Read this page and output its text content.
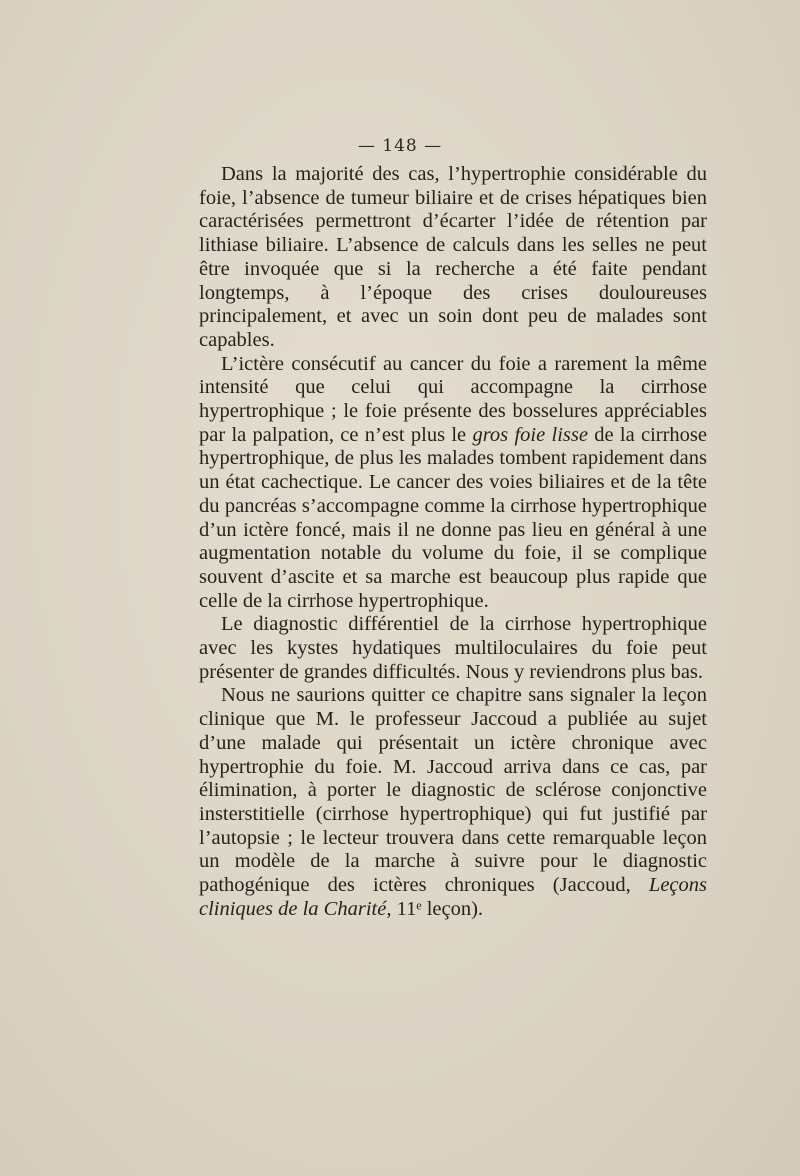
— 148 —

Dans la majorité des cas, l’hypertrophie considérable du foie, l’absence de tumeur biliaire et de crises hépatiques bien caractérisées permettront d’écarter l’idée de rétention par lithiase biliaire. L’absence de calculs dans les selles ne peut être invoquée que si la recherche a été faite pendant longtemps, à l’époque des crises douloureuses principalement, et avec un soin dont peu de malades sont capables.

L’ictère consécutif au cancer du foie a rarement la même intensité que celui qui accompagne la cirrhose hypertrophique ; le foie présente des bosselures appréciables par la palpation, ce n’est plus le gros foie lisse de la cirrhose hypertrophique, de plus les malades tombent rapidement dans un état cachectique. Le cancer des voies biliaires et de la tête du pancréas s’accompagne comme la cirrhose hypertrophique d’un ictère foncé, mais il ne donne pas lieu en général à une augmentation notable du volume du foie, il se complique souvent d’ascite et sa marche est beaucoup plus rapide que celle de la cirrhose hypertrophique.

Le diagnostic différentiel de la cirrhose hypertrophique avec les kystes hydatiques multiloculaires du foie peut présenter de grandes difficultés. Nous y reviendrons plus bas.

Nous ne saurions quitter ce chapitre sans signaler la leçon clinique que M. le professeur Jaccoud a publiée au sujet d’une malade qui présentait un ictère chronique avec hypertrophie du foie. M. Jaccoud arriva dans ce cas, par élimination, à porter le diagnostic de sclérose conjonctive insterstitielle (cirrhose hypertrophique) qui fut justifié par l’autopsie ; le lecteur trouvera dans cette remarquable leçon un modèle de la marche à suivre pour le diagnostic pathogénique des ictères chroniques (Jaccoud, Leçons cliniques de la Charité, 11ᵉ leçon).
